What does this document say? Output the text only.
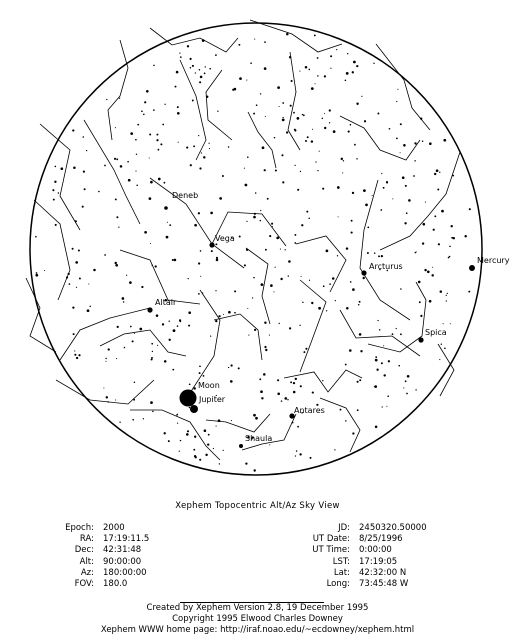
Deneb
Vega
Arcturus
Mercury
Altair
Spica
Moon
Jupiter
Antares
Shaula
Xephem Topocentric Alt/Az Sky View
Epoch:	2000
RA:	17:19:11.5
Dec:	42:31:48
Alt:	90:00:00
Az:	180:00:00
FOV:	180.0
JD:	2450320.50000
UT Date:	8/25/1996
UT Time:	0:00:00
LST:	17:19:05
Lat:	42:32:00 N
Long:	73:45:48 W
Created by Xephem Version 2.8, 19 December 1995
Copyright 1995 Elwood Charles Downey
Xephem WWW home page: http://iraf.noao.edu/~ecdowney/xephem.html
